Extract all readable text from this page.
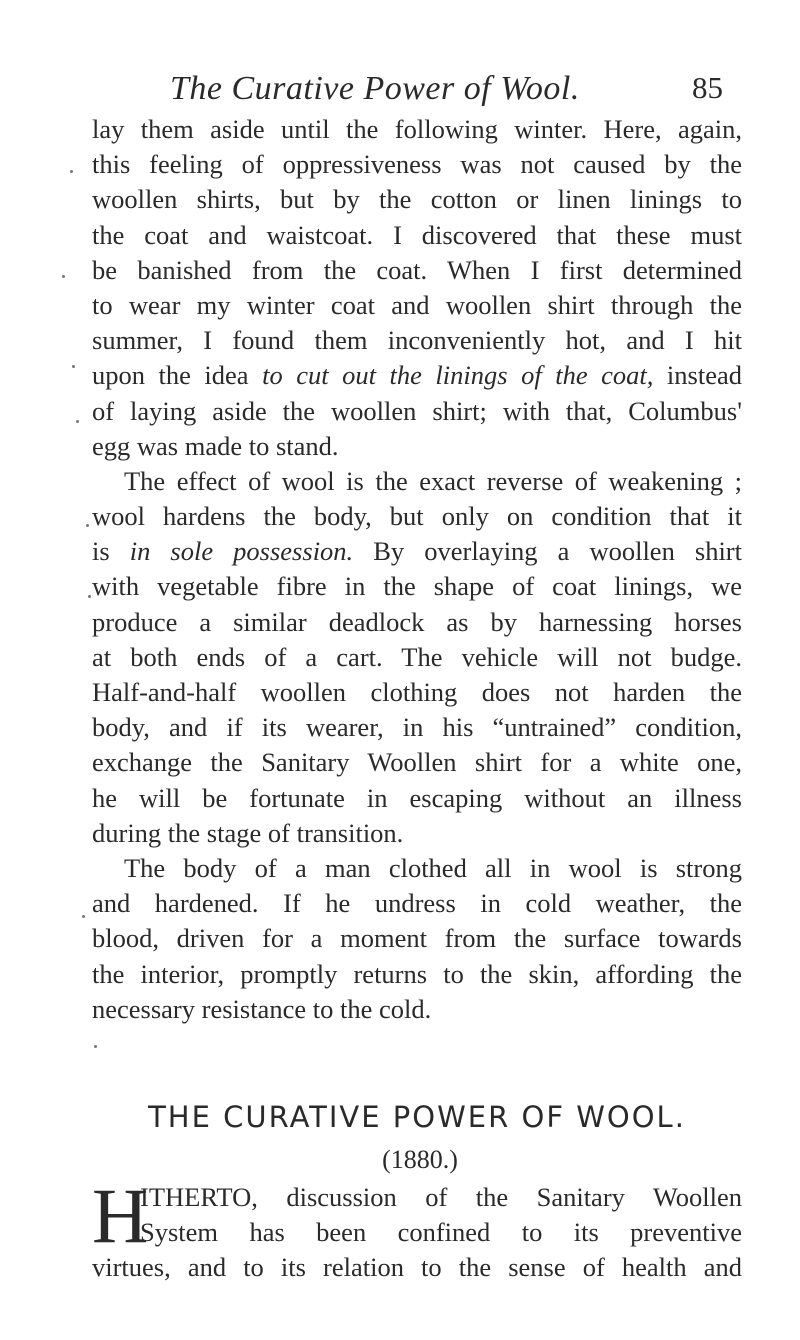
The Curative Power of Wool.	85
lay them aside until the following winter. Here, again,
this feeling of oppressiveness was not caused by the
woollen shirts, but by the cotton or linen linings to
the coat and waistcoat. I discovered that these must
be banished from the coat. When I first determined
to wear my winter coat and woollen shirt through the
summer, I found them inconveniently hot, and I hit
upon the idea to cut out the linings of the coat, instead
of laying aside the woollen shirt; with that, Columbus'
egg was made to stand.
The effect of wool is the exact reverse of weakening ;
wool hardens the body, but only on condition that it
is in sole possession. By overlaying a woollen shirt
with vegetable fibre in the shape of coat linings, we
produce a similar deadlock as by harnessing horses
at both ends of a cart. The vehicle will not budge.
Half-and-half woollen clothing does not harden the
body, and if its wearer, in his “untrained” condition,
exchange the Sanitary Woollen shirt for a white one,
he will be fortunate in escaping without an illness
during the stage of transition.
The body of a man clothed all in wool is strong
and hardened. If he undress in cold weather, the
blood, driven for a moment from the surface towards
the interior, promptly returns to the skin, affording the
necessary resistance to the cold.
THE CURATIVE POWER OF WOOL.
(1880.)
H
ITHERTO, discussion of the Sanitary Woollen
System has been confined to its preventive
virtues, and to its relation to the sense of health and
